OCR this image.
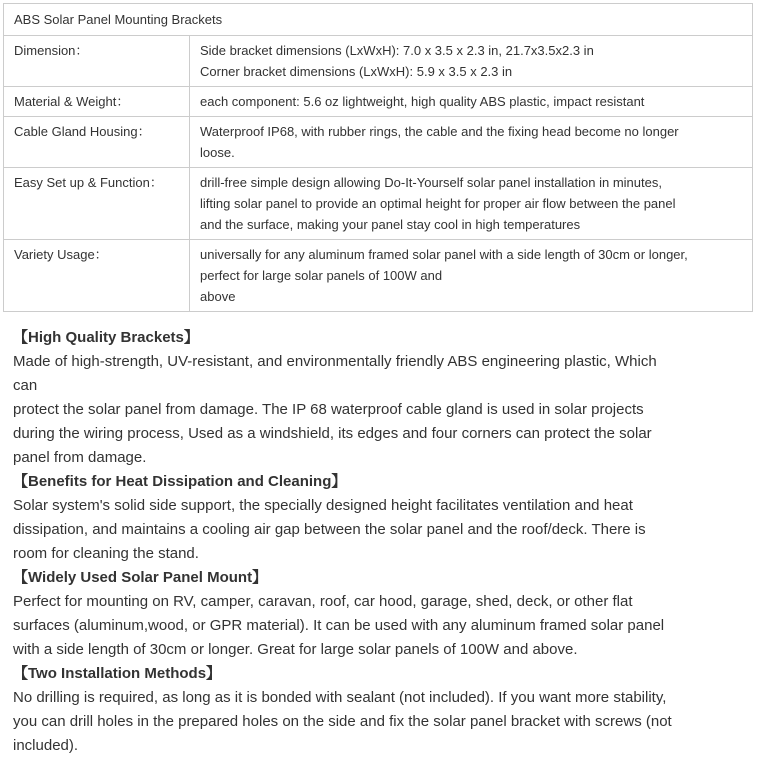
ABS Solar Panel Mounting Brackets	
Dimension：	Side bracket dimensions (LxWxH): 7.0 x 3.5 x 2.3 in, 21.7x3.5x2.3 in
Corner bracket dimensions (LxWxH): 5.9 x 3.5 x 2.3 in

Material & Weight：	each component: 5.6 oz lightweight, high quality ABS plastic, impact resistant

Cable Gland Housing：	Waterproof IP68, with rubber rings, the cable and the fixing head become no longer
loose.

Easy Set up & Function：	drill-free simple design allowing Do-It-Yourself solar panel installation in minutes,
lifting solar panel to provide an optimal height for proper air flow between the panel
and the surface, making your panel stay cool in high temperatures

Variety Usage：	universally for any aluminum framed solar panel with a side length of 30cm or longer,
perfect for large solar panels of 100W and
above
【High Quality Brackets】
Made of high-strength, UV-resistant, and environmentally friendly ABS engineering plastic, Which
can
protect the solar panel from damage. The IP 68 waterproof cable gland is used in solar projects
during the wiring process, Used as a windshield, its edges and four corners can protect the solar
panel from damage.
【Benefits for Heat Dissipation and Cleaning】
Solar system's solid side support, the specially designed height facilitates ventilation and heat
dissipation, and maintains a cooling air gap between the solar panel and the roof/deck. There is
room for cleaning the stand.
【Widely Used Solar Panel Mount】
Perfect for mounting on RV, camper, caravan, roof, car hood, garage, shed, deck, or other flat
surfaces (aluminum,wood, or GPR material). It can be used with any aluminum framed solar panel
with a side length of 30cm or longer. Great for large solar panels of 100W and above.
【Two Installation Methods】
No drilling is required, as long as it is bonded with sealant (not included). If you want more stability,
you can drill holes in the prepared holes on the side and fix the solar panel bracket with screws (not
included).
